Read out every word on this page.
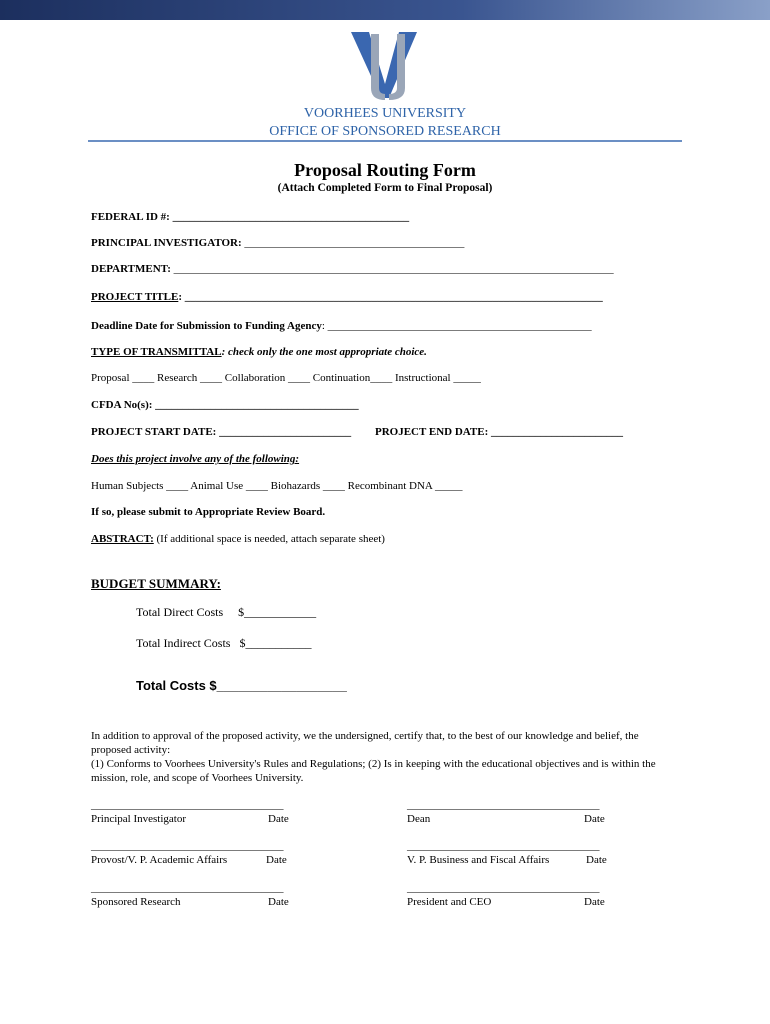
VOORHEES UNIVERSITY
OFFICE OF SPONSORED RESEARCH
Proposal Routing Form
(Attach Completed Form to Final Proposal)
FEDERAL ID #: ___________________________________________
PRINCIPAL INVESTIGATOR: ________________________________________
DEPARTMENT: ________________________________________________________________________________
PROJECT TITLE: ____________________________________________________________________________
Deadline Date for Submission to Funding Agency: ________________________________________________
TYPE OF TRANSMITTAL: check only the one most appropriate choice.
Proposal ____ Research ____ Collaboration ____ Continuation____ Instructional _____
CFDA No(s): _____________________________________
PROJECT START DATE: ________________________ PROJECT END DATE: ________________________
Does this project involve any of the following:
Human Subjects ____ Animal Use ____ Biohazards ____ Recombinant DNA _____
If so, please submit to Appropriate Review Board.
ABSTRACT: (If additional space is needed, attach separate sheet)
BUDGET SUMMARY:
Total Direct Costs     $____________
Total Indirect Costs   $___________
Total Costs $__________________
In addition to approval of the proposed activity, we the undersigned, certify that, to the best of our knowledge and belief, the
proposed activity:
(1) Conforms to Voorhees University's Rules and Regulations; (2) Is in keeping with the educational objectives and is within the
mission, role, and scope of Voorhees University.
___________________________________
Principal Investigator	Date
___________________________________
Dean	Date
___________________________________
Provost/V. P. Academic Affairs	Date
___________________________________
V. P. Business and Fiscal Affairs	Date
___________________________________
Sponsored Research	Date
___________________________________
President and CEO	Date
